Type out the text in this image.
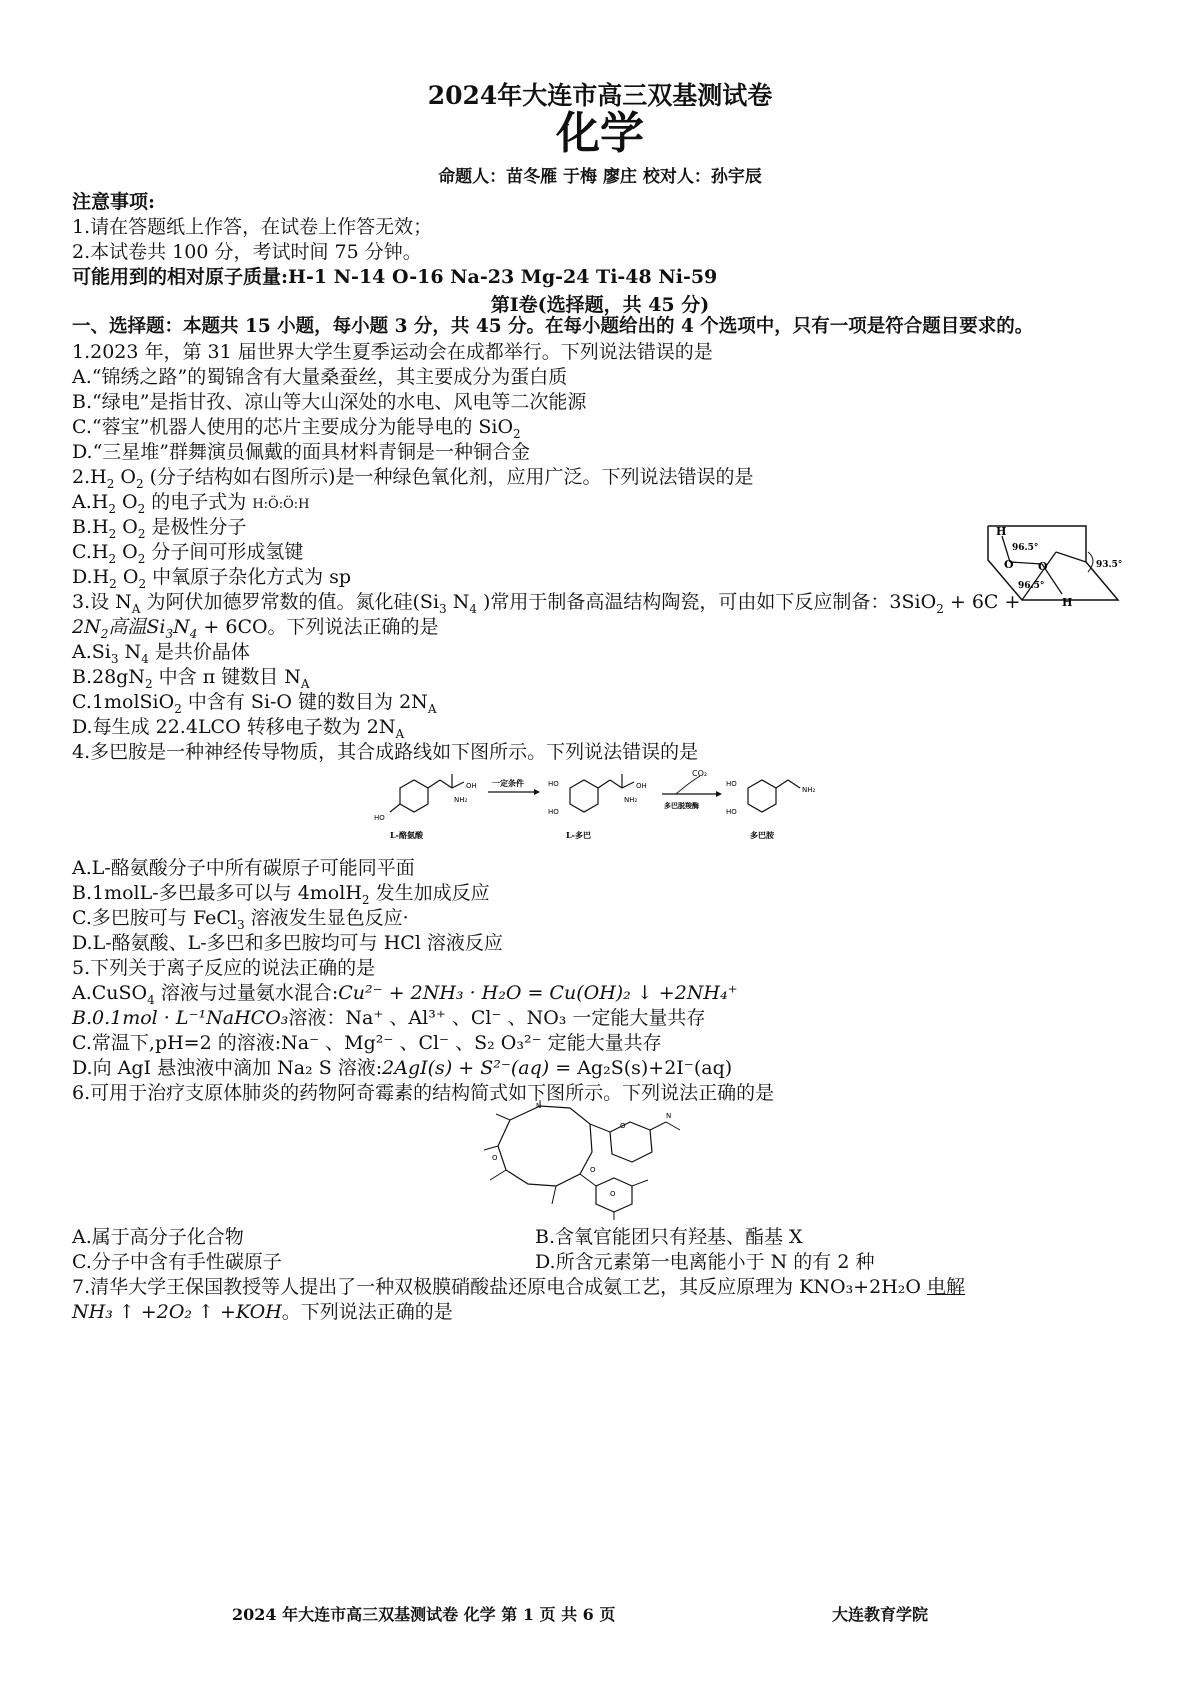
2024年大连市高三双基测试卷
化学
命题人：苗冬雁 于梅 廖庄 校对人：孙宇辰
注意事项:
1.请在答题纸上作答，在试卷上作答无效；
2.本试卷共 100 分，考试时间 75 分钟。
可能用到的相对原子质量:H-1 N-14 O-16 Na-23 Mg-24 Ti-48 Ni-59
第Ⅰ卷(选择题，共 45 分)
一、选择题：本题共 15 小题，每小题 3 分，共 45 分。在每小题给出的 4 个选项中，只有一项是符合题目要求的。
1.2023 年，第 31 届世界大学生夏季运动会在成都举行。下列说法错误的是
A.“锦绣之路”的蜀锦含有大量桑蚕丝，其主要成分为蛋白质
B.“绿电”是指甘孜、凉山等大山深处的水电、风电等二次能源
C.“蓉宝”机器人使用的芯片主要成分为能导电的 SiO$_2$
D.“三星堆”群舞演员佩戴的面具材料青铜是一种铜合金
$2.H_2$ $O_2$ (分子结构如右图所示)是一种绿色氧化剂，应用广泛。下列说法错误的是
$A.H_2$ $O_2$ 的电子式为 H:Ö:Ö:H
$B.H_2$ $O_2$ 是极性分子
$C.H_2$ $O_2$ 分子间可形成氢键
$D.H_2$ $O_2$ 中氧原子杂化方式为 sp
H
H
O O
96.5°
96.5°
93.5°
3.设 $N_A$ 为阿伏加德罗常数的值。氮化硅($Si_3$ $N_4$ )常用于制备高温结构陶瓷，可由如下反应制备：3SiO$_2$ + 6C +
$2N_2$高温$Si_3N_4 + 6CO$。下列说法正确的是
$A.Si_3$ $N_4$ 是共价晶体
$B.28gN_2$ 中含 π 键数目 $N_A$
C.1molSiO$_2$ 中含有 Si-O 键的数目为 $2N_A$
D.每生成 22.4LCO 转移电子数为 $2N_A$
4.多巴胺是一种神经传导物质，其合成路线如下图所示。下列说法错误的是
HO
NH₂
OH
L-酪氨酸
一定条件	HO
HO
NH₂
OH
L-多巴
CO₂
多巴脱羧酶
HO
HO
NH₂
多巴胺
A.L-酪氨酸分子中所有碳原子可能同平面
B.1molL-多巴最多可以与 4molH$_2$ 发生加成反应
C.多巴胺可与 FeCl$_3$ 溶液发生显色反应·
D.L-酪氨酸、L-多巴和多巴胺均可与 HCl 溶液反应
5.下列关于离子反应的说法正确的是
A.CuSO$_4$ 溶液与过量氨水混合:Cu²⁻ + 2NH₃ · H₂O = Cu(OH)₂ ↓ +2NH₄⁺
B.0.1mol · L⁻¹NaHCO₃溶液：Na⁺ 、Al³⁺ 、Cl⁻ 、NO₃ 一定能大量共存
C.常温下,pH=2 的溶液:Na⁻ 、Mg²⁻ 、Cl⁻ 、S₂ O₃²⁻ 定能大量共存
D.向 AgI 悬浊液中滴加 Na₂ S 溶液:2AgI(s) + S²⁻(aq) = Ag₂S(s)+2I⁻(aq)
6.可用于治疗支原体肺炎的药物阿奇霉素的结构简式如下图所示。下列说法正确的是
N
O
O
O
N
O
A.属于高分子化合物	B.含氧官能团只有羟基、酯基 X
C.分子中含有手性碳原子	D.所含元素第一电离能小于 N 的有 2 种
7.清华大学王保国教授等人提出了一种双极膜硝酸盐还原电合成氨工艺，其反应原理为 KNO₃+2H₂O 电解
NH₃ ↑ +2O₂ ↑ +KOH。下列说法正确的是
2024 年大连市高三双基测试卷 化学 第 1 页 共 6 页	大连教育学院
